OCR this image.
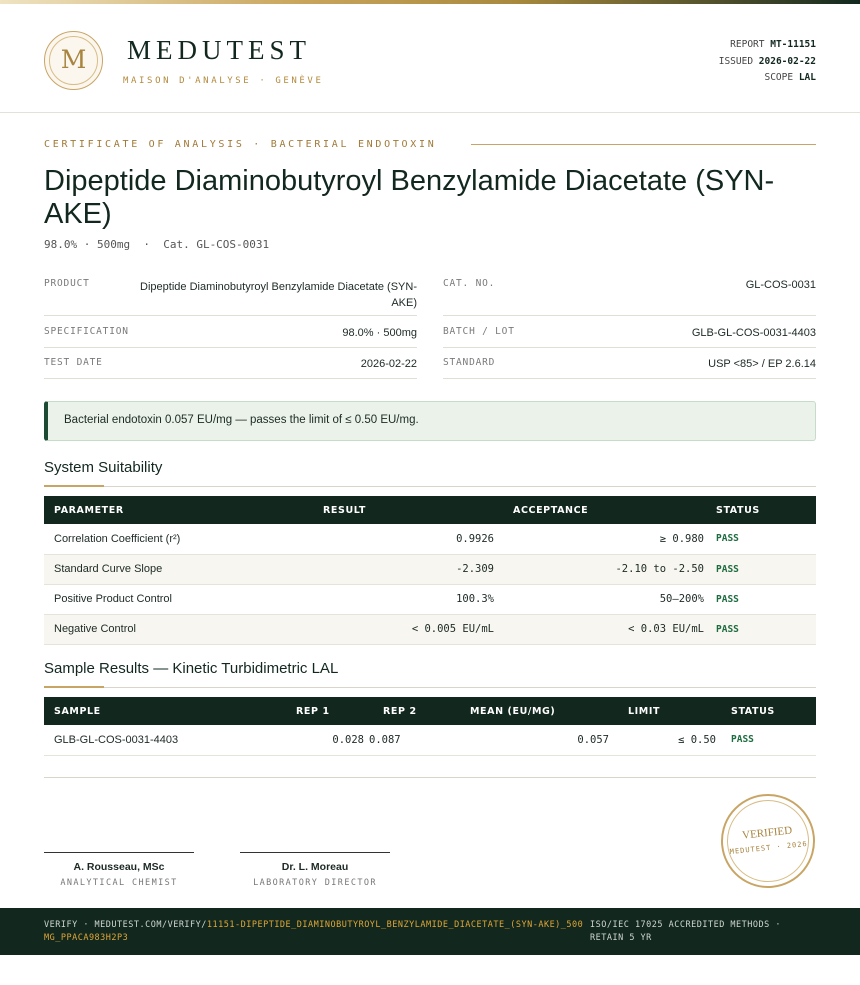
M	MEDUTEST
MAISON D'ANALYSE · GENÈVE
REPORT MT-11151
ISSUED 2026-02-22
SCOPE LAL
CERTIFICATE OF ANALYSIS · BACTERIAL ENDOTOXIN
Dipeptide Diaminobutyroyl Benzylamide Diacetate (SYN-AKE)
98.0% · 500mg  ·  Cat. GL-COS-0031
PRODUCT	Dipeptide Diaminobutyroyl Benzylamide Diacetate (SYN-AKE)
CAT. NO.	GL-COS-0031
SPECIFICATION	98.0% · 500mg	BATCH / LOT	GLB-GL-COS-0031-4403
TEST DATE	2026-02-22	STANDARD	USP <85> / EP 2.6.14
Bacterial endotoxin 0.057 EU/mg — passes the limit of ≤ 0.50 EU/mg.
System Suitability
PARAMETER	RESULT	ACCEPTANCE	STATUS
Correlation Coefficient (r²)	0.9926	≥ 0.980	PASS
Standard Curve Slope	-2.309	-2.10 to -2.50	PASS
Positive Product Control	100.3%	50–200%	PASS
Negative Control	< 0.005 EU/mL	< 0.03 EU/mL	PASS
Sample Results — Kinetic Turbidimetric LAL
SAMPLE	REP 1	REP 2	MEAN (EU/MG)	LIMIT	STATUS
GLB-GL-COS-0031-4403	0.028	0.087	0.057	≤ 0.50	PASS
A. Rousseau, MSc
ANALYTICAL CHEMIST
Dr. L. Moreau
LABORATORY DIRECTOR
VERIFIED
MEDUTEST · 2026
VERIFY · MEDUTEST.COM/VERIFY/11151-DIPEPTIDE_DIAMINOBUTYROYL_BENZYLAMIDE_DIACETATE_(SYN-AKE)_500MG_PPACA983H2P3
ISO/IEC 17025 ACCREDITED METHODS · RETAIN 5 YR
